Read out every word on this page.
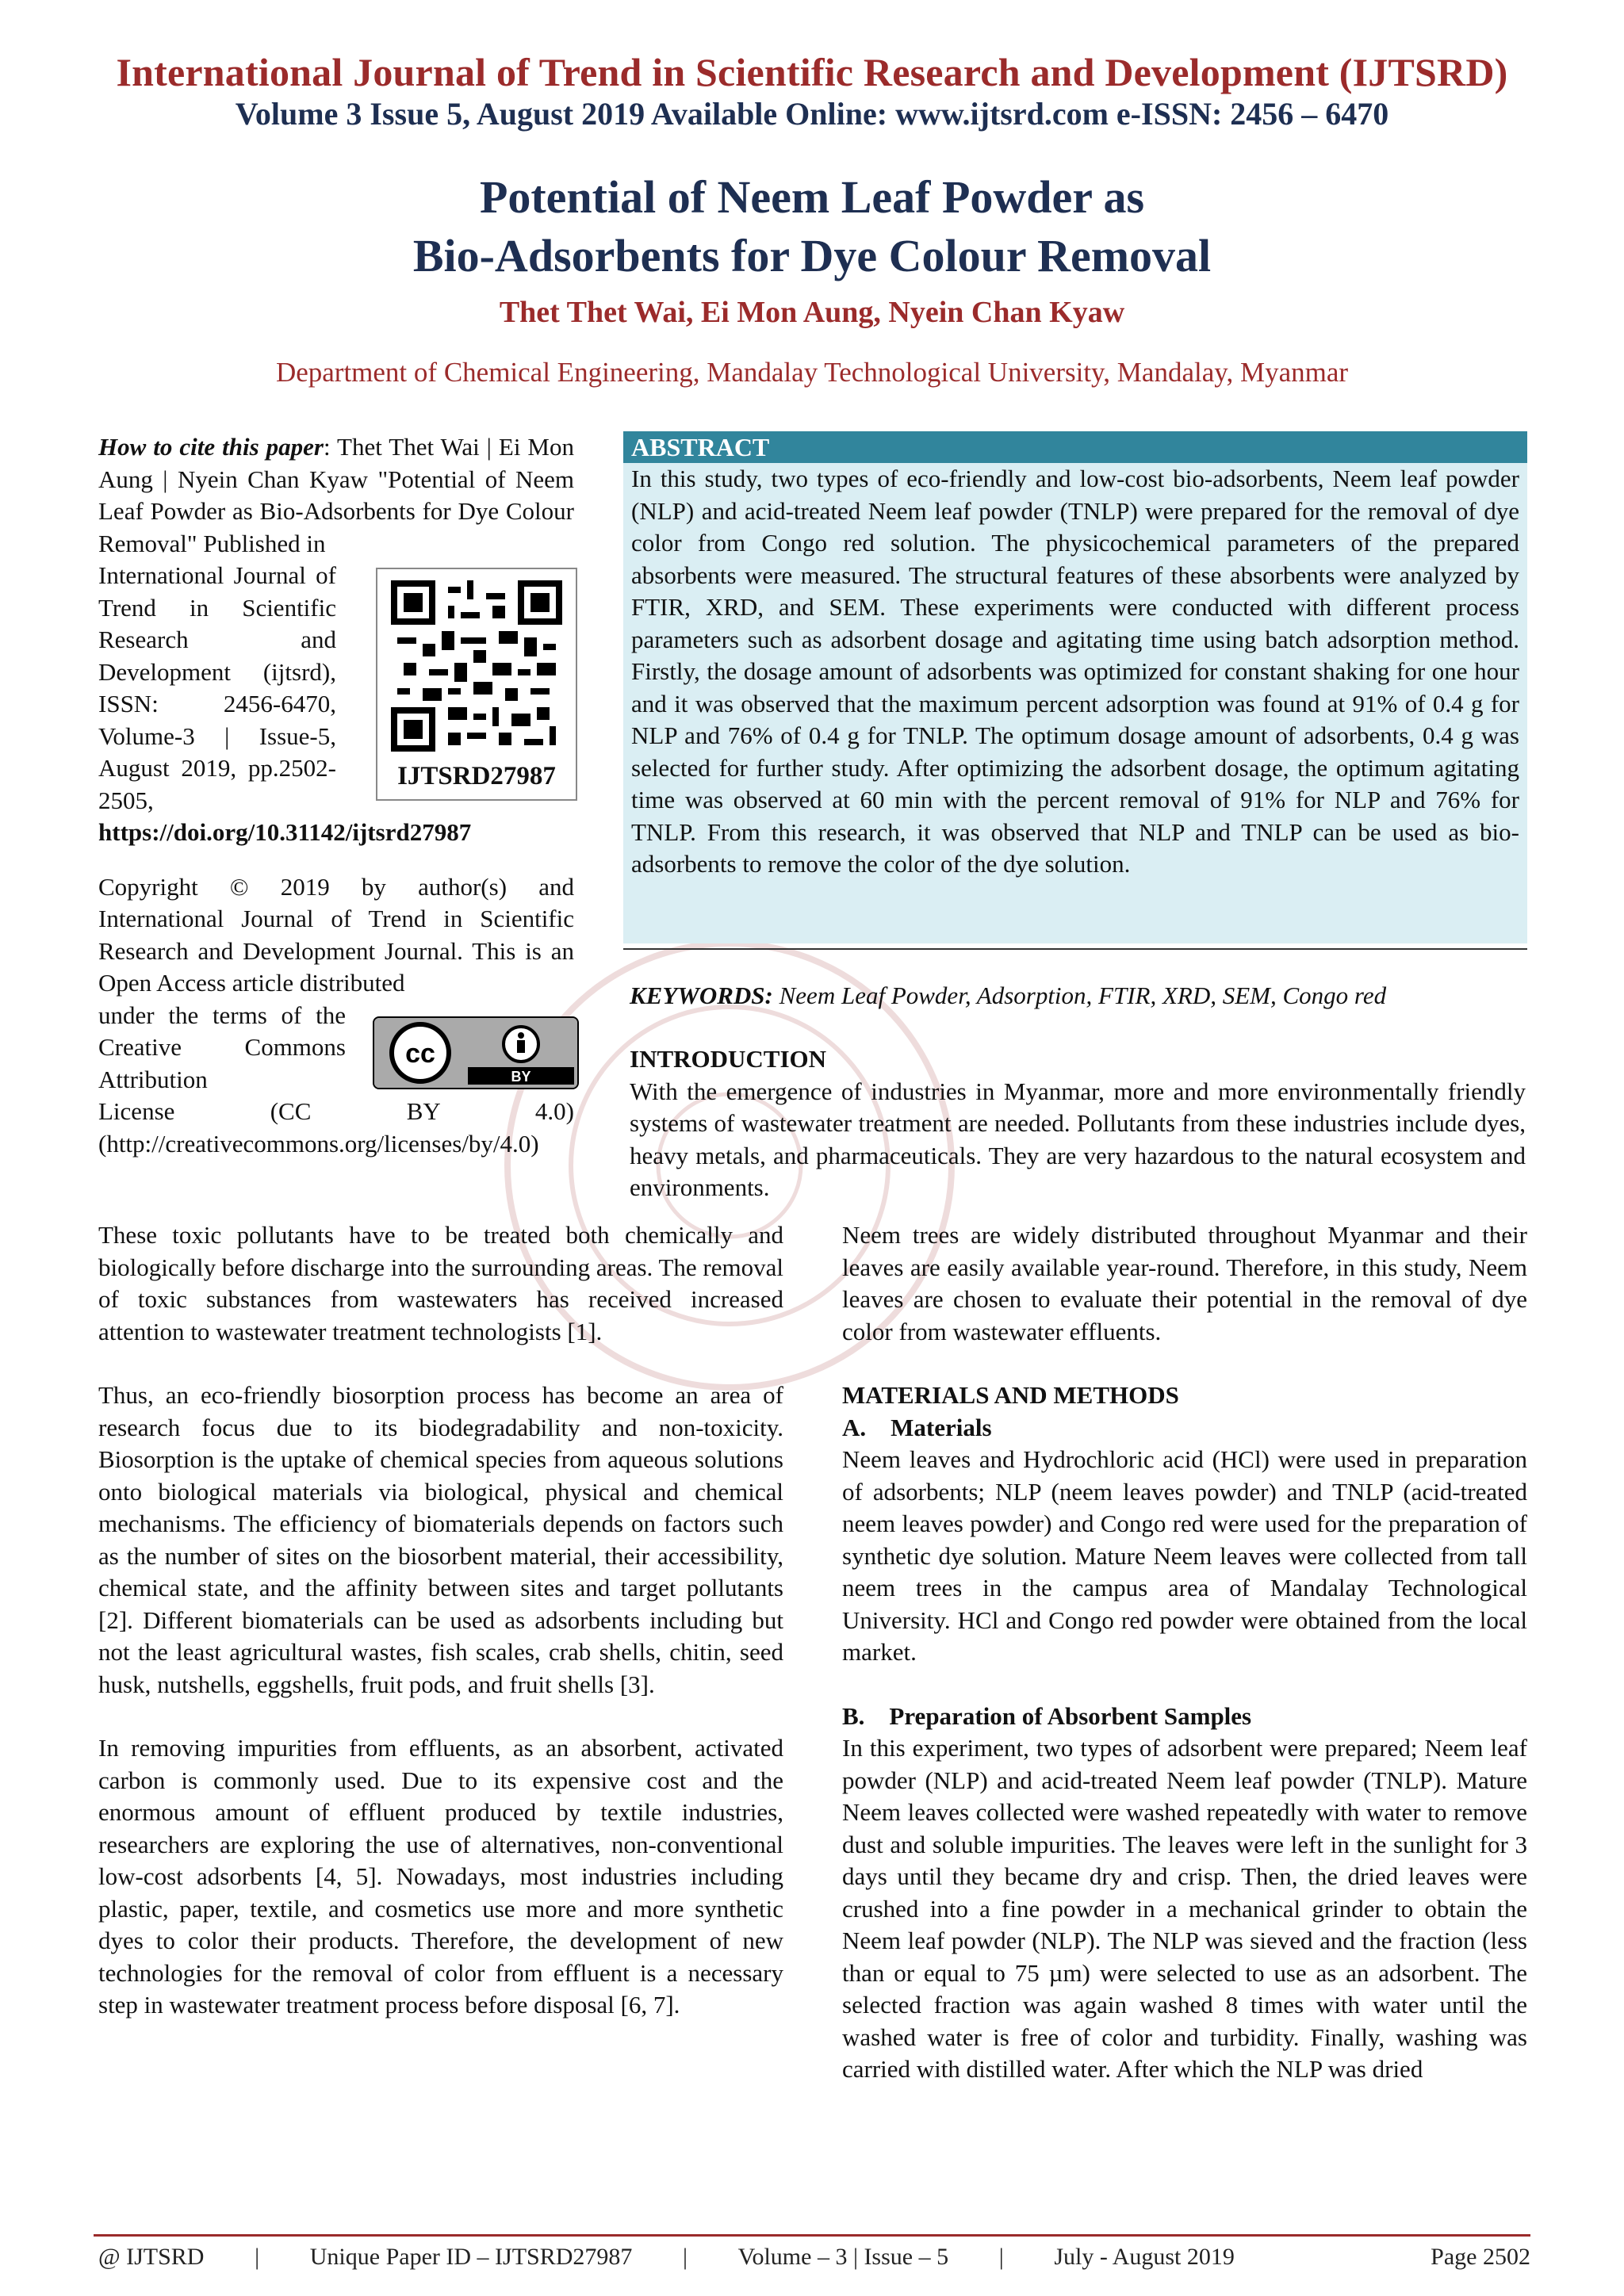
International Journal of Trend in Scientific Research and Development (IJTSRD)
Volume 3 Issue 5, August 2019 Available Online: www.ijtsrd.com e-ISSN: 2456 – 6470
Potential of Neem Leaf Powder as
Bio-Adsorbents for Dye Colour Removal
Thet Thet Wai, Ei Mon Aung, Nyein Chan Kyaw
Department of Chemical Engineering, Mandalay Technological University, Mandalay, Myanmar

How to cite this paper: Thet Thet Wai | Ei Mon Aung | Nyein Chan Kyaw "Potential of Neem Leaf Powder as Bio-Adsorbents for Dye Colour Removal" Published in

International Journal of Trend in Scientific Research and Development (ijtsrd), ISSN: 2456-6470, Volume-3 | Issue-5, August 2019, pp.2502-2505,

https://doi.org/10.31142/ijtsrd27987

Copyright © 2019 by author(s) and International Journal of Trend in Scientific Research and Development Journal. This is an Open Access article distributed

under the terms of the Creative Commons Attribution

License (CC BY 4.0) (http://creativecommons.org/licenses/by/4.0)

IJTSRD27987
BY
cc
ABSTRACT

In this study, two types of eco-friendly and low-cost bio-adsorbents, Neem leaf powder (NLP) and acid-treated Neem leaf powder (TNLP) were prepared for the removal of dye color from Congo red solution. The physicochemical parameters of the prepared absorbents were measured. The structural features of these absorbents were analyzed by FTIR, XRD, and SEM. These experiments were conducted with different process parameters such as adsorbent dosage and agitating time using batch adsorption method. Firstly, the dosage amount of adsorbents was optimized for constant shaking for one hour and it was observed that the maximum percent adsorption was found at 91% of 0.4 g for NLP and 76% of 0.4 g for TNLP. The optimum dosage amount of adsorbents, 0.4 g was selected for further study. After optimizing the adsorbent dosage, the optimum agitating time was observed at 60 min with the percent removal of 91% for NLP and 76% for TNLP. From this research, it was observed that NLP and TNLP can be used as bio-adsorbents to remove the color of the dye solution.

KEYWORDS: Neem Leaf Powder, Adsorption, FTIR, XRD, SEM, Congo red

INTRODUCTION

With the emergence of industries in Myanmar, more and more environmentally friendly systems of wastewater treatment are needed. Pollutants from these industries include dyes, heavy metals, and pharmaceuticals. They are very hazardous to the natural ecosystem and environments.

These toxic pollutants have to be treated both chemically and biologically before discharge into the surrounding areas. The removal of toxic substances from wastewaters has received increased attention to wastewater treatment technologists [1].

Thus, an eco-friendly biosorption process has become an area of research focus due to its biodegradability and non-toxicity. Biosorption is the uptake of chemical species from aqueous solutions onto biological materials via biological, physical and chemical mechanisms. The efficiency of biomaterials depends on factors such as the number of sites on the biosorbent material, their accessibility, chemical state, and the affinity between sites and target pollutants [2]. Different biomaterials can be used as adsorbents including but not the least agricultural wastes, fish scales, crab shells, chitin, seed husk, nutshells, eggshells, fruit pods, and fruit shells [3].

In removing impurities from effluents, as an absorbent, activated carbon is commonly used. Due to its expensive cost and the enormous amount of effluent produced by textile industries, researchers are exploring the use of alternatives, non-conventional low-cost adsorbents [4, 5]. Nowadays, most industries including plastic, paper, textile, and cosmetics use more and more synthetic dyes to color their products. Therefore, the development of new technologies for the removal of color from effluent is a necessary step in wastewater treatment process before disposal [6, 7].

Neem trees are widely distributed throughout Myanmar and their leaves are easily available year-round. Therefore, in this study, Neem leaves are chosen to evaluate their potential in the removal of dye color from wastewater effluents.

MATERIALS AND METHODS

A.    Materials

Neem leaves and Hydrochloric acid (HCl) were used in preparation of adsorbents; NLP (neem leaves powder) and TNLP (acid-treated neem leaves powder) and Congo red were used for the preparation of synthetic dye solution. Mature Neem leaves were collected from tall neem trees in the campus area of Mandalay Technological University. HCl and Congo red powder were obtained from the local market.

B.    Preparation of Absorbent Samples

In this experiment, two types of adsorbent were prepared; Neem leaf powder (NLP) and acid-treated Neem leaf powder (TNLP). Mature Neem leaves collected were washed repeatedly with water to remove dust and soluble impurities. The leaves were left in the sunlight for 3 days until they became dry and crisp. Then, the dried leaves were crushed into a fine powder in a mechanical grinder to obtain the Neem leaf powder (NLP). The NLP was sieved and the fraction (less than or equal to 75 µm) were selected to use as an adsorbent. The selected fraction was again washed 8 times with water until the washed water is free of color and turbidity. Finally, washing was carried with distilled water. After which the NLP was dried

@ IJTSRD | Unique Paper ID – IJTSRD27987 | Volume – 3 | Issue – 5 | July - August 2019	Page 2502
